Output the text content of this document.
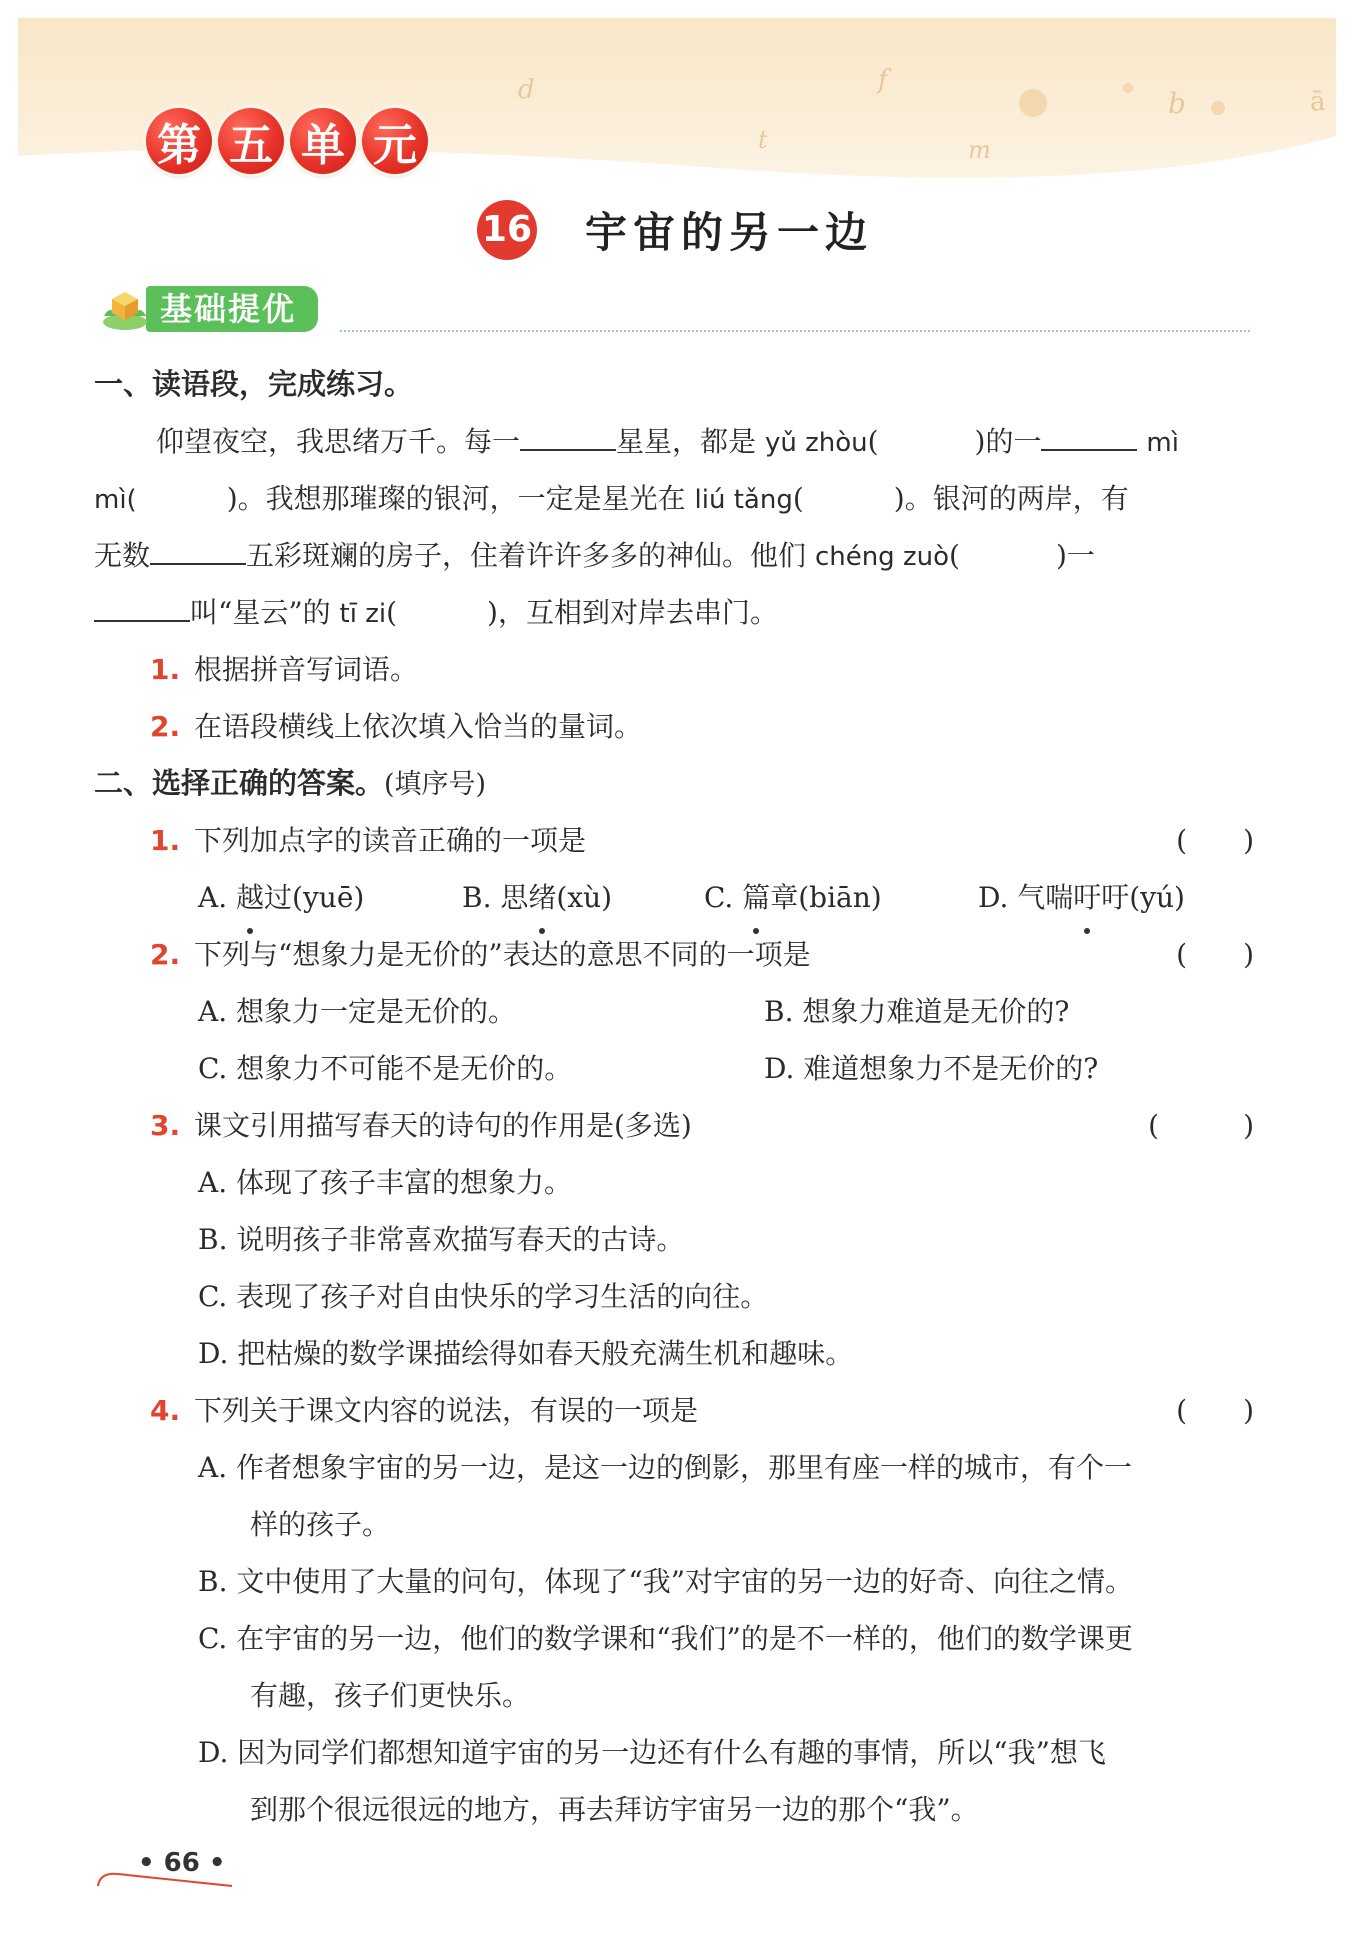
d	f
b	ā
t	m
第 五 单 元
16 宇宙的另一边
基础提优
一、读语段，完成练习。
仰望夜空，我思绪万千。每一	星星，都是 yǔ zhòu(	)的一	mì
mì(	)。我想那璀璨的银河，一定是星光在 liú tǎng(	)。银河的两岸，有
无数	五彩斑斓的房子，住着许许多多的神仙。他们 chéng zuò(	)一
叫“星云”的 tī zi(	)，互相到对岸去串门。
1. 根据拼音写词语。
2. 在语段横线上依次填入恰当的量词。
二、选择正确的答案。(填序号)
1. 下列加点字的读音正确的一项是	(　　)
A. 越过(yuē)	B. 思绪(xù)	C. 篇章(biān)	D. 气喘吁吁(yú)
2. 下列与“想象力是无价的”表达的意思不同的一项是	(　　)
A. 想象力一定是无价的。	B. 想象力难道是无价的?
C. 想象力不可能不是无价的。	D. 难道想象力不是无价的?
3. 课文引用描写春天的诗句的作用是(多选)	(　　　)
A. 体现了孩子丰富的想象力。
B. 说明孩子非常喜欢描写春天的古诗。
C. 表现了孩子对自由快乐的学习生活的向往。
D. 把枯燥的数学课描绘得如春天般充满生机和趣味。
4. 下列关于课文内容的说法，有误的一项是	(　　)
A. 作者想象宇宙的另一边，是这一边的倒影，那里有座一样的城市，有个一
样的孩子。
B. 文中使用了大量的问句，体现了“我”对宇宙的另一边的好奇、向往之情。
C. 在宇宙的另一边，他们的数学课和“我们”的是不一样的，他们的数学课更
有趣，孩子们更快乐。
D. 因为同学们都想知道宇宙的另一边还有什么有趣的事情，所以“我”想飞
到那个很远很远的地方，再去拜访宇宙另一边的那个“我”。
• 66 •
